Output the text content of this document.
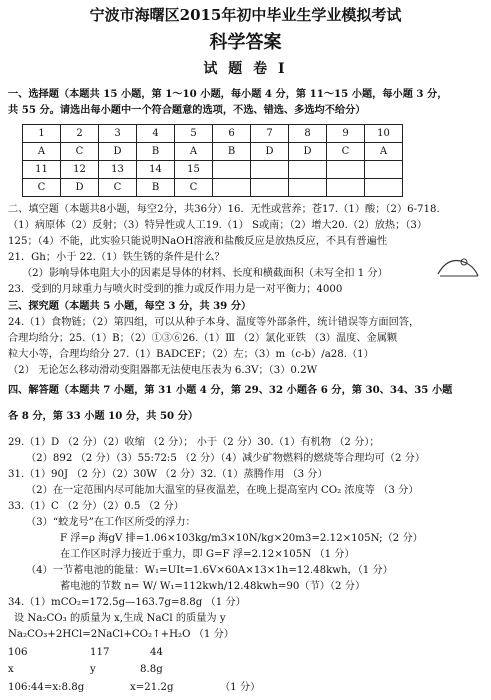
宁波市海曙区2015年初中毕业生学业模拟考试
科学答案
试 题 卷 I
一、选择题（本题共 15 小题，第 1～10 小题，每小题 4 分，第 11～15 小题，每小题 3 分，
共 55 分。请选出每小题中一个符合题意的选项，不选、错选、多选均不给分）
1	2	3	4	5	6	7	8	9	10
A	C	D	B	A	B	D	D	C	A
11	12	13	14	15					
C	D	C	B	C					
二、填空题（本题共8小题，每空2分，共36分）16．无性或营养；苍17.（1）酸；（2）6-718.
（1）病原体（2）反射；（3）特异性或人工19.（1） S或南；（2）增大20.（2）放热；（3）
125；（4）不能，此实验只能说明NaOH溶液和盐酸反应是放热反应，不具有普遍性
21．Gh；小于 22.（1）铁生锈的条件是什么？
（2）影响导体电阻大小的因素是导体的材料、长度和横截面积（未写全扣 1 分）
23．受到的月球重力与喷火时受到的推力或反作用力是一对平衡力；4000
三、探究题（本题共 5 小题，每空 3 分，共 39 分）
24.（1）食物链；（2）第四组，可以从种子本身、温度等外部条件，统计错误等方面回答，
合理均给分；25.（1）B；（2）①③⑥26.（1）Ⅲ （2）氯化亚铁 （3）温度、金属颗
粒大小等，合理均给分 27.（1）BADCEF；（2）左；（3）m（c-b）/a28.（1）
（2） 无论怎么移动滑动变阻器都无法使电压表为 6.3V；（3）0.2W
四、解答题（本题共 7 小题，第 31 小题 4 分，第 29、32 小题各 6 分，第 30、34、35 小题
各 8 分，第 33 小题 10 分，共 50 分）
29.（1）D （2 分）（2）收缩 （2 分）； 小于（2 分）30.（1）有机物 （2 分）；
（2）892 （2 分）（3）55:72:5 （2 分）（4）减少矿物燃料的燃烧等合理均可（2 分）
31.（1）90J （2 分）（2）30W （2 分）32.（1）蒸腾作用 （3 分）
（2）在一定范围内尽可能加大温室的昼夜温差，在晚上提高室内 CO₂ 浓度等 （3 分）
33.（1）C （2 分）（2）0.5 （2 分）
（3）“蛟龙号”在工作区所受的浮力：
F 浮=ρ 海gV 排=1.06×103kg/m3×10N/kg×20m3=2.12×105N;（2 分）
在工作区时浮力接近于重力，即 G=F 浮=2.12×105N （1 分）
（4）一节蓄电池的能量：W₁=UIt=1.6V×60A×13×1h=12.48kwh，（1 分）
蓄电池的节数 n= W/ W₁=112kwh/12.48kwh=90（节）（2 分）
34.（1）mCO₂=172.5g—163.7g=8.8g （1 分）
设 Na₂CO₃ 的质量为 x,生成 NaCl 的质量为 y
Na₂CO₃+2HCl=2NaCl+CO₂↑+H₂O （1 分）
106	117	44
x	y	8.8g
106:44=x:8.8g	x=21.2g	（1 分）
